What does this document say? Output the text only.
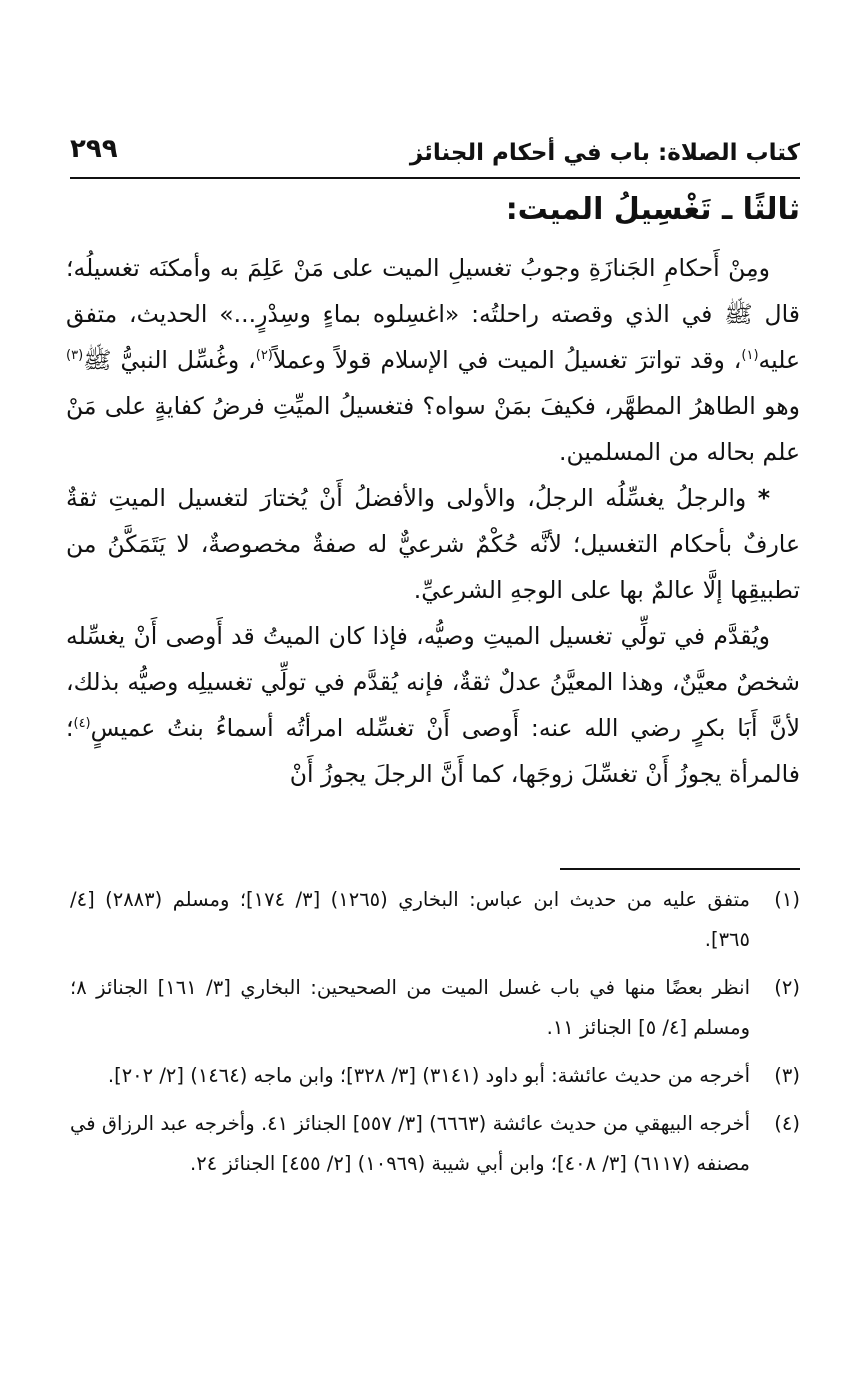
كتاب الصلاة: باب في أحكام الجنائز
٢٩٩
ثالثًا ـ تَغْسِيلُ الميت:

ومِنْ أَحكامِ الجَنازَةِ وجوبُ تغسيلِ الميت على مَنْ عَلِمَ به وأمكنَه تغسيلُه؛ قال ﷺ في الذي وقصته راحلتُه: «اغسِلوه بماءٍ وسِدْرٍ...» الحديث، متفق عليه$^{(١)}$، وقد تواترَ تغسيلُ الميت في الإسلام قولاً وعملاً$^{(٢)}$، وغُسِّل النبيُّ ﷺ$^{(٣)}$ وهو الطاهرُ المطهَّر، فكيفَ بمَنْ سواه؟ فتغسيلُ الميِّتِ فرضُ كفايةٍ على مَنْ علم بحاله من المسلمين.

* والرجلُ يغسِّلُه الرجلُ، والأولى والأفضلُ أَنْ يُختارَ لتغسيل الميتِ ثقةٌ عارفٌ بأحكام التغسيل؛ لأنَّه حُكْمٌ شرعيٌّ له صفةٌ مخصوصةٌ، لا يَتَمَكَّنُ من تطبيقِها إلَّا عالمٌ بها على الوجهِ الشرعيِّ.

ويُقدَّم في تولِّي تغسيل الميتِ وصيُّه، فإذا كان الميتُ قد أَوصى أَنْ يغسِّله شخصٌ معيَّنٌ، وهذا المعيَّنُ عدلٌ ثقةٌ، فإنه يُقدَّم في تولِّي تغسيلِه وصيُّه بذلك، لأنَّ أَبَا بكرٍ رضي الله عنه: أَوصى أَنْ تغسِّله امرأتُه أسماءُ بنتُ عميسٍ$^{(٤)}$؛ فالمرأة يجوزُ أَنْ تغسِّلَ زوجَها، كما أَنَّ الرجلَ يجوزُ أَنْ

(١)
متفق عليه من حديث ابن عباس: البخاري (١٢٦٥) [٣/ ١٧٤]؛ ومسلم (٢٨٨٣) [٤/ ٣٦٥].
(٢)
انظر بعضًا منها في باب غسل الميت من الصحيحين: البخاري [٣/ ١٦١] الجنائز ٨؛ ومسلم [٤/ ٥] الجنائز ١١.
(٣)
أخرجه من حديث عائشة: أبو داود (٣١٤١) [٣/ ٣٢٨]؛ وابن ماجه (١٤٦٤) [٢/ ٢٠٢].
(٤)
أخرجه البيهقي من حديث عائشة (٦٦٦٣) [٣/ ٥٥٧] الجنائز ٤١. وأخرجه عبد الرزاق في مصنفه (٦١١٧) [٣/ ٤٠٨]؛ وابن أبي شيبة (١٠٩٦٩) [٢/ ٤٥٥] الجنائز ٢٤.
